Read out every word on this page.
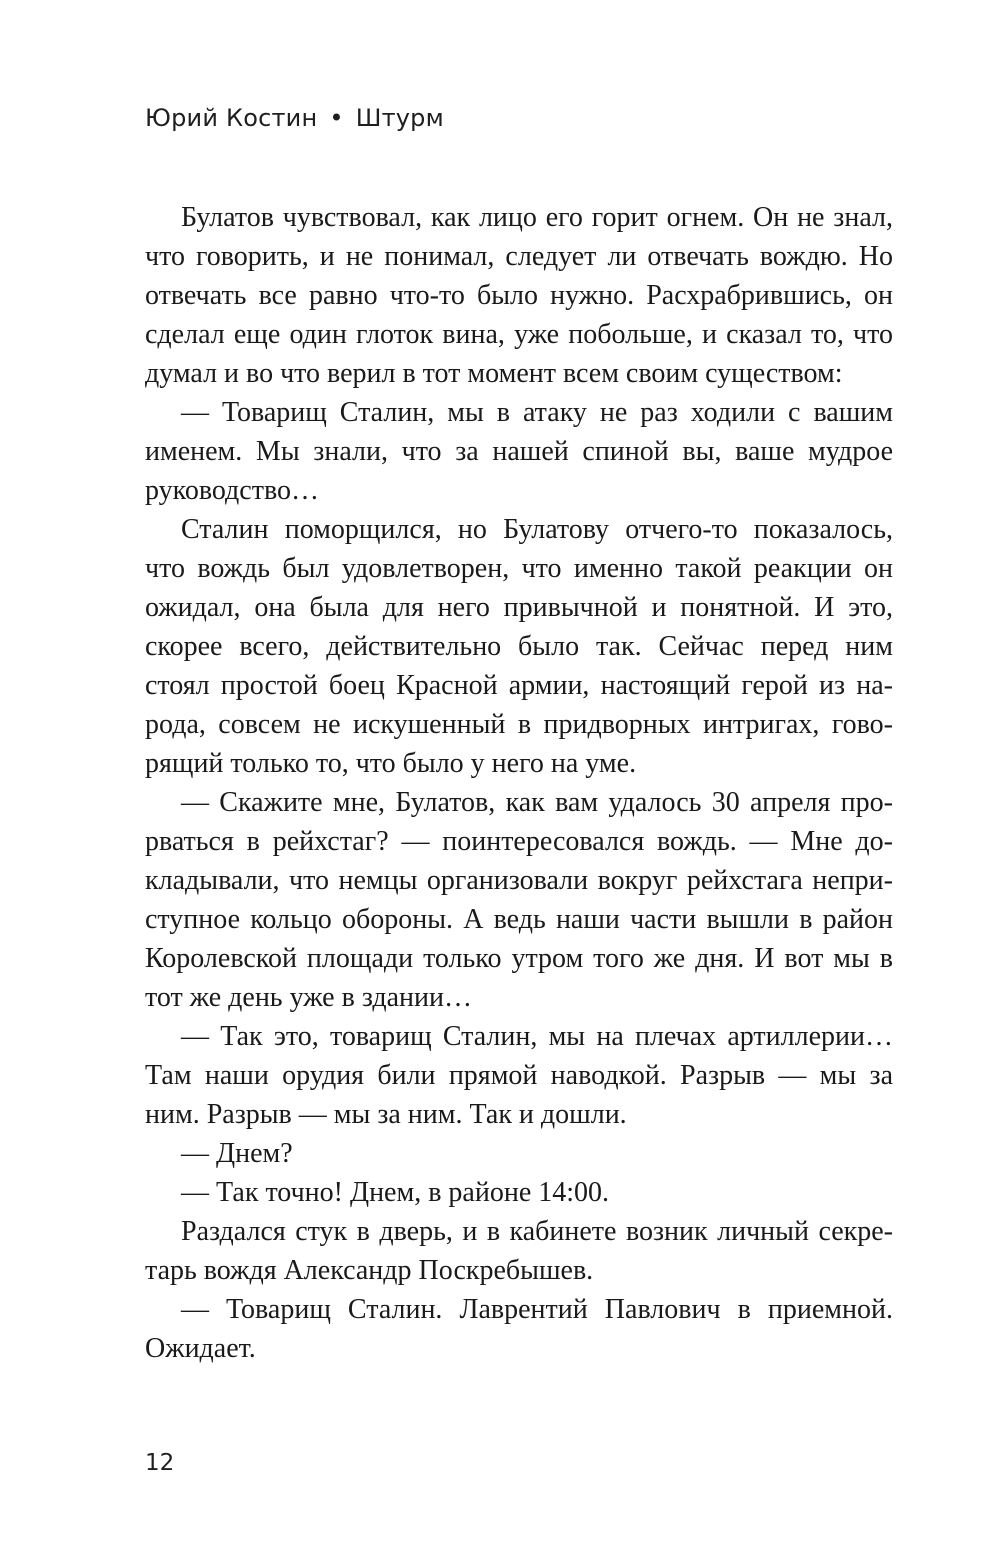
Юрий Костин • Штурм

Булатов чувствовал, как лицо его горит огнем. Он не знал, что говорить, и не понимал, следует ли отвечать вождю. Но отвечать все равно что-то было нужно. Расхрабрившись, он сделал еще один глоток вина, уже побольше, и сказал то, что думал и во что верил в тот момент всем своим существом:

— Товарищ Сталин, мы в атаку не раз ходили с вашим именем. Мы знали, что за нашей спиной вы, ваше мудрое руководство…

Сталин поморщился, но Булатову отчего-то показалось, что вождь был удовлетворен, что именно такой реакции он ожидал, она была для него привычной и понятной. И это, скорее всего, действительно было так. Сейчас перед ним стоял простой боец Красной армии, настоящий герой из народа, совсем не искушенный в придворных интригах, говорящий только то, что было у него на уме.

— Скажите мне, Булатов, как вам удалось 30 апреля прорваться в рейхстаг? — поинтересовался вождь. — Мне докладывали, что немцы организовали вокруг рейхстага неприступное кольцо обороны. А ведь наши части вышли в район Королевской площади только утром того же дня. И вот мы в тот же день уже в здании…

— Так это, товарищ Сталин, мы на плечах артиллерии… Там наши орудия били прямой наводкой. Разрыв — мы за ним. Разрыв — мы за ним. Так и дошли.

— Днем?

— Так точно! Днем, в районе 14:00.

Раздался стук в дверь, и в кабинете возник личный секретарь вождя Александр Поскребышев.

— Товарищ Сталин. Лаврентий Павлович в приемной. Ожидает.

12
